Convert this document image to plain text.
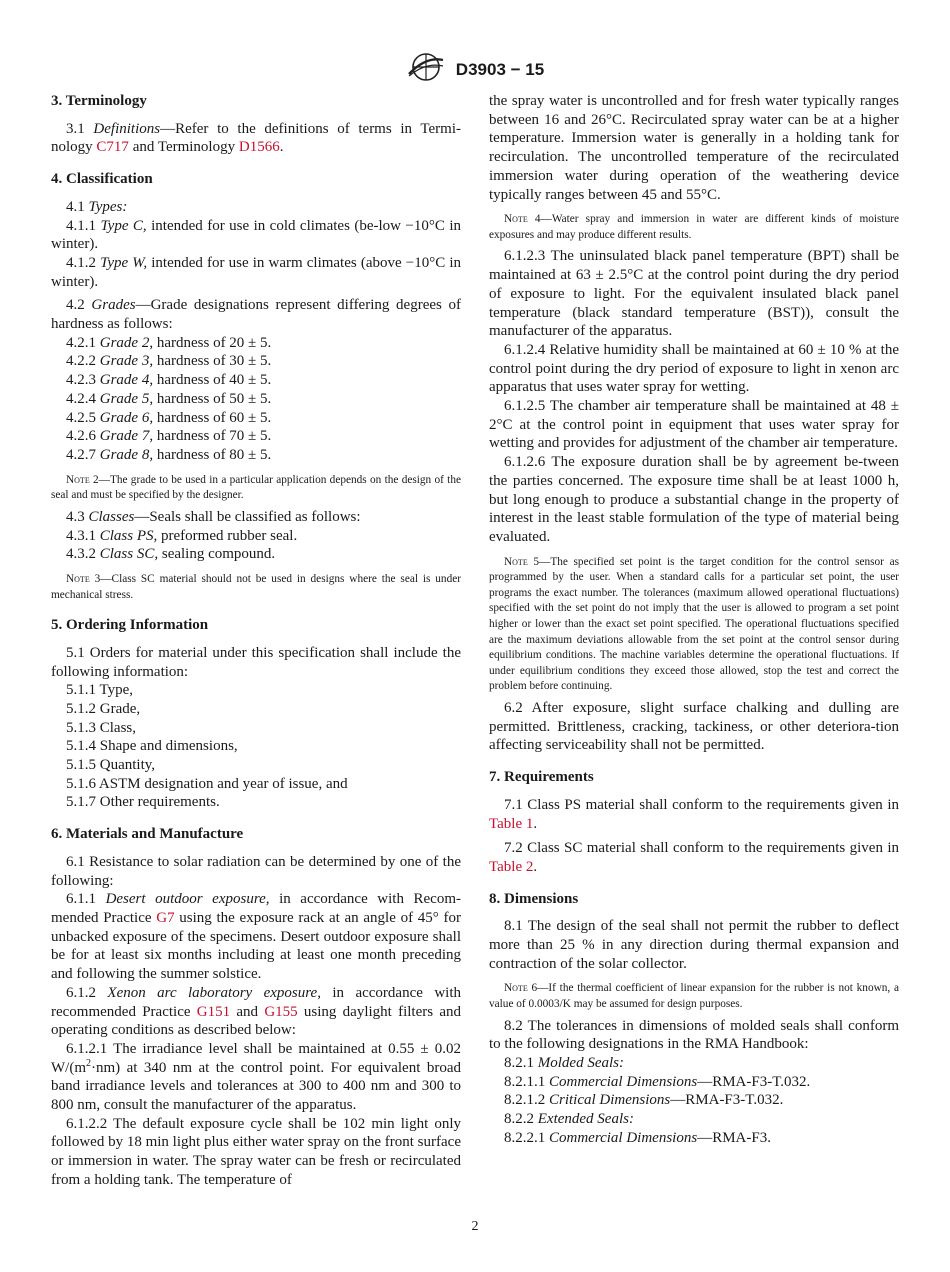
D3903 − 15
3. Terminology

3.1 Definitions—Refer to the definitions of terms in Termi-nology C717 and Terminology D1566.

4. Classification

4.1 Types:

4.1.1 Type C, intended for use in cold climates (be-low −10°C in winter).

4.1.2 Type W, intended for use in warm climates (above −10°C in winter).

4.2 Grades—Grade designations represent differing degrees of hardness as follows:

4.2.1 Grade 2, hardness of 20 ± 5.

4.2.2 Grade 3, hardness of 30 ± 5.

4.2.3 Grade 4, hardness of 40 ± 5.

4.2.4 Grade 5, hardness of 50 ± 5.

4.2.5 Grade 6, hardness of 60 ± 5.

4.2.6 Grade 7, hardness of 70 ± 5.

4.2.7 Grade 8, hardness of 80 ± 5.

Note 2—The grade to be used in a particular application depends on the design of the seal and must be specified by the designer.

4.3 Classes—Seals shall be classified as follows:

4.3.1 Class PS, preformed rubber seal.

4.3.2 Class SC, sealing compound.

Note 3—Class SC material should not be used in designs where the seal is under mechanical stress.

5. Ordering Information

5.1 Orders for material under this specification shall include the following information:

5.1.1 Type,

5.1.2 Grade,

5.1.3 Class,

5.1.4 Shape and dimensions,

5.1.5 Quantity,

5.1.6 ASTM designation and year of issue, and

5.1.7 Other requirements.

6. Materials and Manufacture

6.1 Resistance to solar radiation can be determined by one of the following:

6.1.1 Desert outdoor exposure, in accordance with Recom-mended Practice G7 using the exposure rack at an angle of 45° for unbacked exposure of the specimens. Desert outdoor exposure shall be for at least six months including at least one month preceding and following the summer solstice.

6.1.2 Xenon arc laboratory exposure, in accordance with recommended Practice G151 and G155 using daylight filters and operating conditions as described below:

6.1.2.1 The irradiance level shall be maintained at 0.55 ± 0.02 $W/(m^2\cdot nm)$ at 340 nm at the control point. For equivalent broad band irradiance levels and tolerances at 300 to 400 nm and 300 to 800 nm, consult the manufacturer of the apparatus.

6.1.2.2 The default exposure cycle shall be 102 min light only followed by 18 min light plus either water spray on the front surface or immersion in water. The spray water can be fresh or recirculated from a holding tank. The temperature of

the spray water is uncontrolled and for fresh water typically ranges between 16 and 26°C. Recirculated spray water can be at a higher temperature. Immersion water is generally in a holding tank for recirculation. The uncontrolled temperature of the recirculated immersion water during operation of the weathering device typically ranges between 45 and 55°C.

Note 4—Water spray and immersion in water are different kinds of moisture exposures and may produce different results.

6.1.2.3 The uninsulated black panel temperature (BPT) shall be maintained at 63 ± 2.5°C at the control point during the dry period of exposure to light. For the equivalent insulated black panel temperature (black standard temperature (BST)), consult the manufacturer of the apparatus.

6.1.2.4 Relative humidity shall be maintained at 60 ± 10 % at the control point during the dry period of exposure to light in xenon arc apparatus that uses water spray for wetting.

6.1.2.5 The chamber air temperature shall be maintained at 48 ± 2°C at the control point in equipment that uses water spray for wetting and provides for adjustment of the chamber air temperature.

6.1.2.6 The exposure duration shall be by agreement be-tween the parties concerned. The exposure time shall be at least 1000 h, but long enough to produce a substantial change in the property of interest in the least stable formulation of the type of material being evaluated.

Note 5—The specified set point is the target condition for the control sensor as programmed by the user. When a standard calls for a particular set point, the user programs the exact number. The tolerances (maximum allowed operational fluctuations) specified with the set point do not imply that the user is allowed to program a set point higher or lower than the exact set point specified. The operational fluctuations specified are the maximum deviations allowable from the set point at the control sensor during equilibrium conditions. The machine variables determine the operational fluctuations. If under equilibrium conditions they exceed those allowed, stop the test and correct the problem before continuing.

6.2 After exposure, slight surface chalking and dulling are permitted. Brittleness, cracking, tackiness, or other deteriora-tion affecting serviceability shall not be permitted.

7. Requirements

7.1 Class PS material shall conform to the requirements given in Table 1.

7.2 Class SC material shall conform to the requirements given in Table 2.

8. Dimensions

8.1 The design of the seal shall not permit the rubber to deflect more than 25 % in any direction during thermal expansion and contraction of the solar collector.

Note 6—If the thermal coefficient of linear expansion for the rubber is not known, a value of 0.0003/K may be assumed for design purposes.

8.2 The tolerances in dimensions of molded seals shall conform to the following designations in the RMA Handbook:

8.2.1 Molded Seals:

8.2.1.1 Commercial Dimensions—RMA-F3-T.032.

8.2.1.2 Critical Dimensions—RMA-F3-T.032.

8.2.2 Extended Seals:

8.2.2.1 Commercial Dimensions—RMA-F3.

2
